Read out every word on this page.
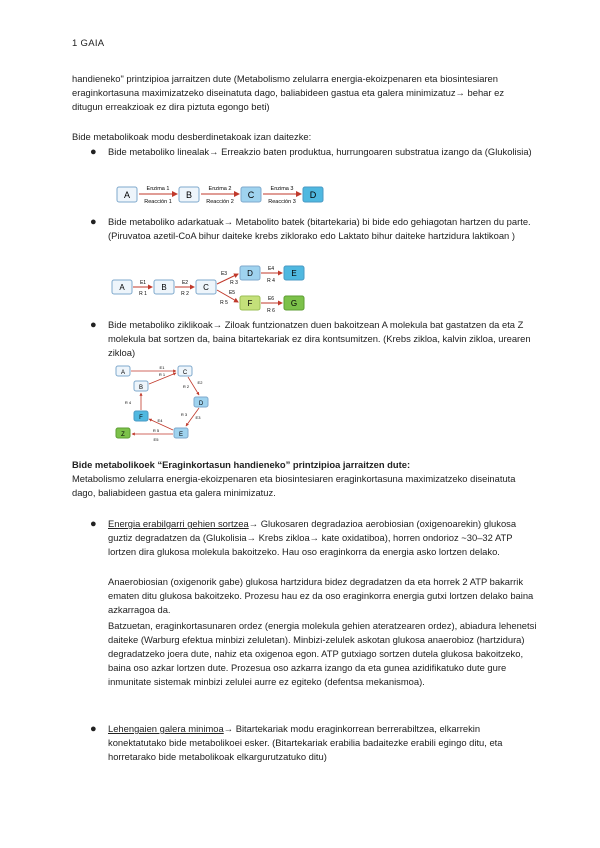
1 GAIA
handieneko" printzipioa jarraitzen dute (Metabolismo zelularra energia-ekoizpenaren eta biosintesiaren eraginkortasuna maximizatzeko diseinatuta dago, baliabideen gastua eta galera minimizatuz→ behar ez ditugun erreakzioak ez dira piztuta egongo beti)
Bide metabolikoak modu desberdinetakoak izan daitezke:
● Bide metaboliko linealak→ Erreakzio baten produktua, hurrungoaren substratua izango da (Glukolisia)
A	B	C	D
Enzima 1
Reacción 1
Enzima 2
Reacción 2
Enzima 3
Reacción 3
● Bide metaboliko adarkatuak→ Metabolito batek (bitartekaria) bi bide edo gehiagotan hartzen du parte. (Piruvatoa azetil-CoA bihur daiteke krebs ziklorako edo Laktato bihur daiteke hartzidura laktikoan )
A	B	C
D	E
F	G
E1
R 1
E2
R 2
E3
R 3
E4
R 4
E5
R 5
E6
R 6
● Bide metaboliko ziklikoak→ Ziloak funtzionatzen duen bakoitzean A molekula bat gastatzen da eta Z molekula bat sortzen da, baina bitartekariak ez dira kontsumitzen. (Krebs zikloa, kalvin zikloa, urearen zikloa)
A	C
B
D
F
Z	E
E1
R 1
E2
R 2
E3
R 3
E4
R 4
E5
R 5
Bide metabolikoek “Eraginkortasun handieneko” printzipioa jarraitzen dute:
Metabolismo zelularra energia-ekoizpenaren eta biosintesiaren eraginkortasuna maximizatzeko diseinatuta dago, baliabideen gastua eta galera minimizatuz.
● Energia erabilgarri gehien sortzea→ Glukosaren degradazioa aerobiosian (oxigenoarekin) glukosa guztiz degradatzen da (Glukolisia→ Krebs zikloa→ kate oxidatiboa), horren ondorioz ~30–32 ATP lortzen dira glukosa molekula bakoitzeko. Hau oso eraginkorra da energia asko lortzen delako.
Anaerobiosian (oxigenorik gabe) glukosa hartzidura bidez degradatzen da eta horrek 2 ATP bakarrik ematen ditu glukosa bakoitzeko. Prozesu hau ez da oso eraginkorra energia gutxi lortzen delako baina azkarragoa da.
Batzuetan, eraginkortasunaren ordez (energia molekula gehien ateratzearen ordez), abiadura lehenetsi daiteke (Warburg efektua minbizi zeluletan). Minbizi-zelulek askotan glukosa anaerobioz (hartzidura) degradatzeko joera dute, nahiz eta oxigenoa egon. ATP gutxiago sortzen dutela glukosa bakoitzeko, baina oso azkar lortzen dute. Prozesua oso azkarra izango da eta gunea azidifikatuko dute gure inmunitate sistemak minbizi zelulei aurre ez egiteko (defentsa mekanismoa).
● Lehengaien galera minimoa→ Bitartekariak modu eraginkorrean berrerabiltzea, elkarrekin konektatutako bide metabolikoei esker. (Bitartekariak erabilia badaitezke erabili egingo ditu, eta horretarako bide metabolikoak elkargurutzatuko ditu)
